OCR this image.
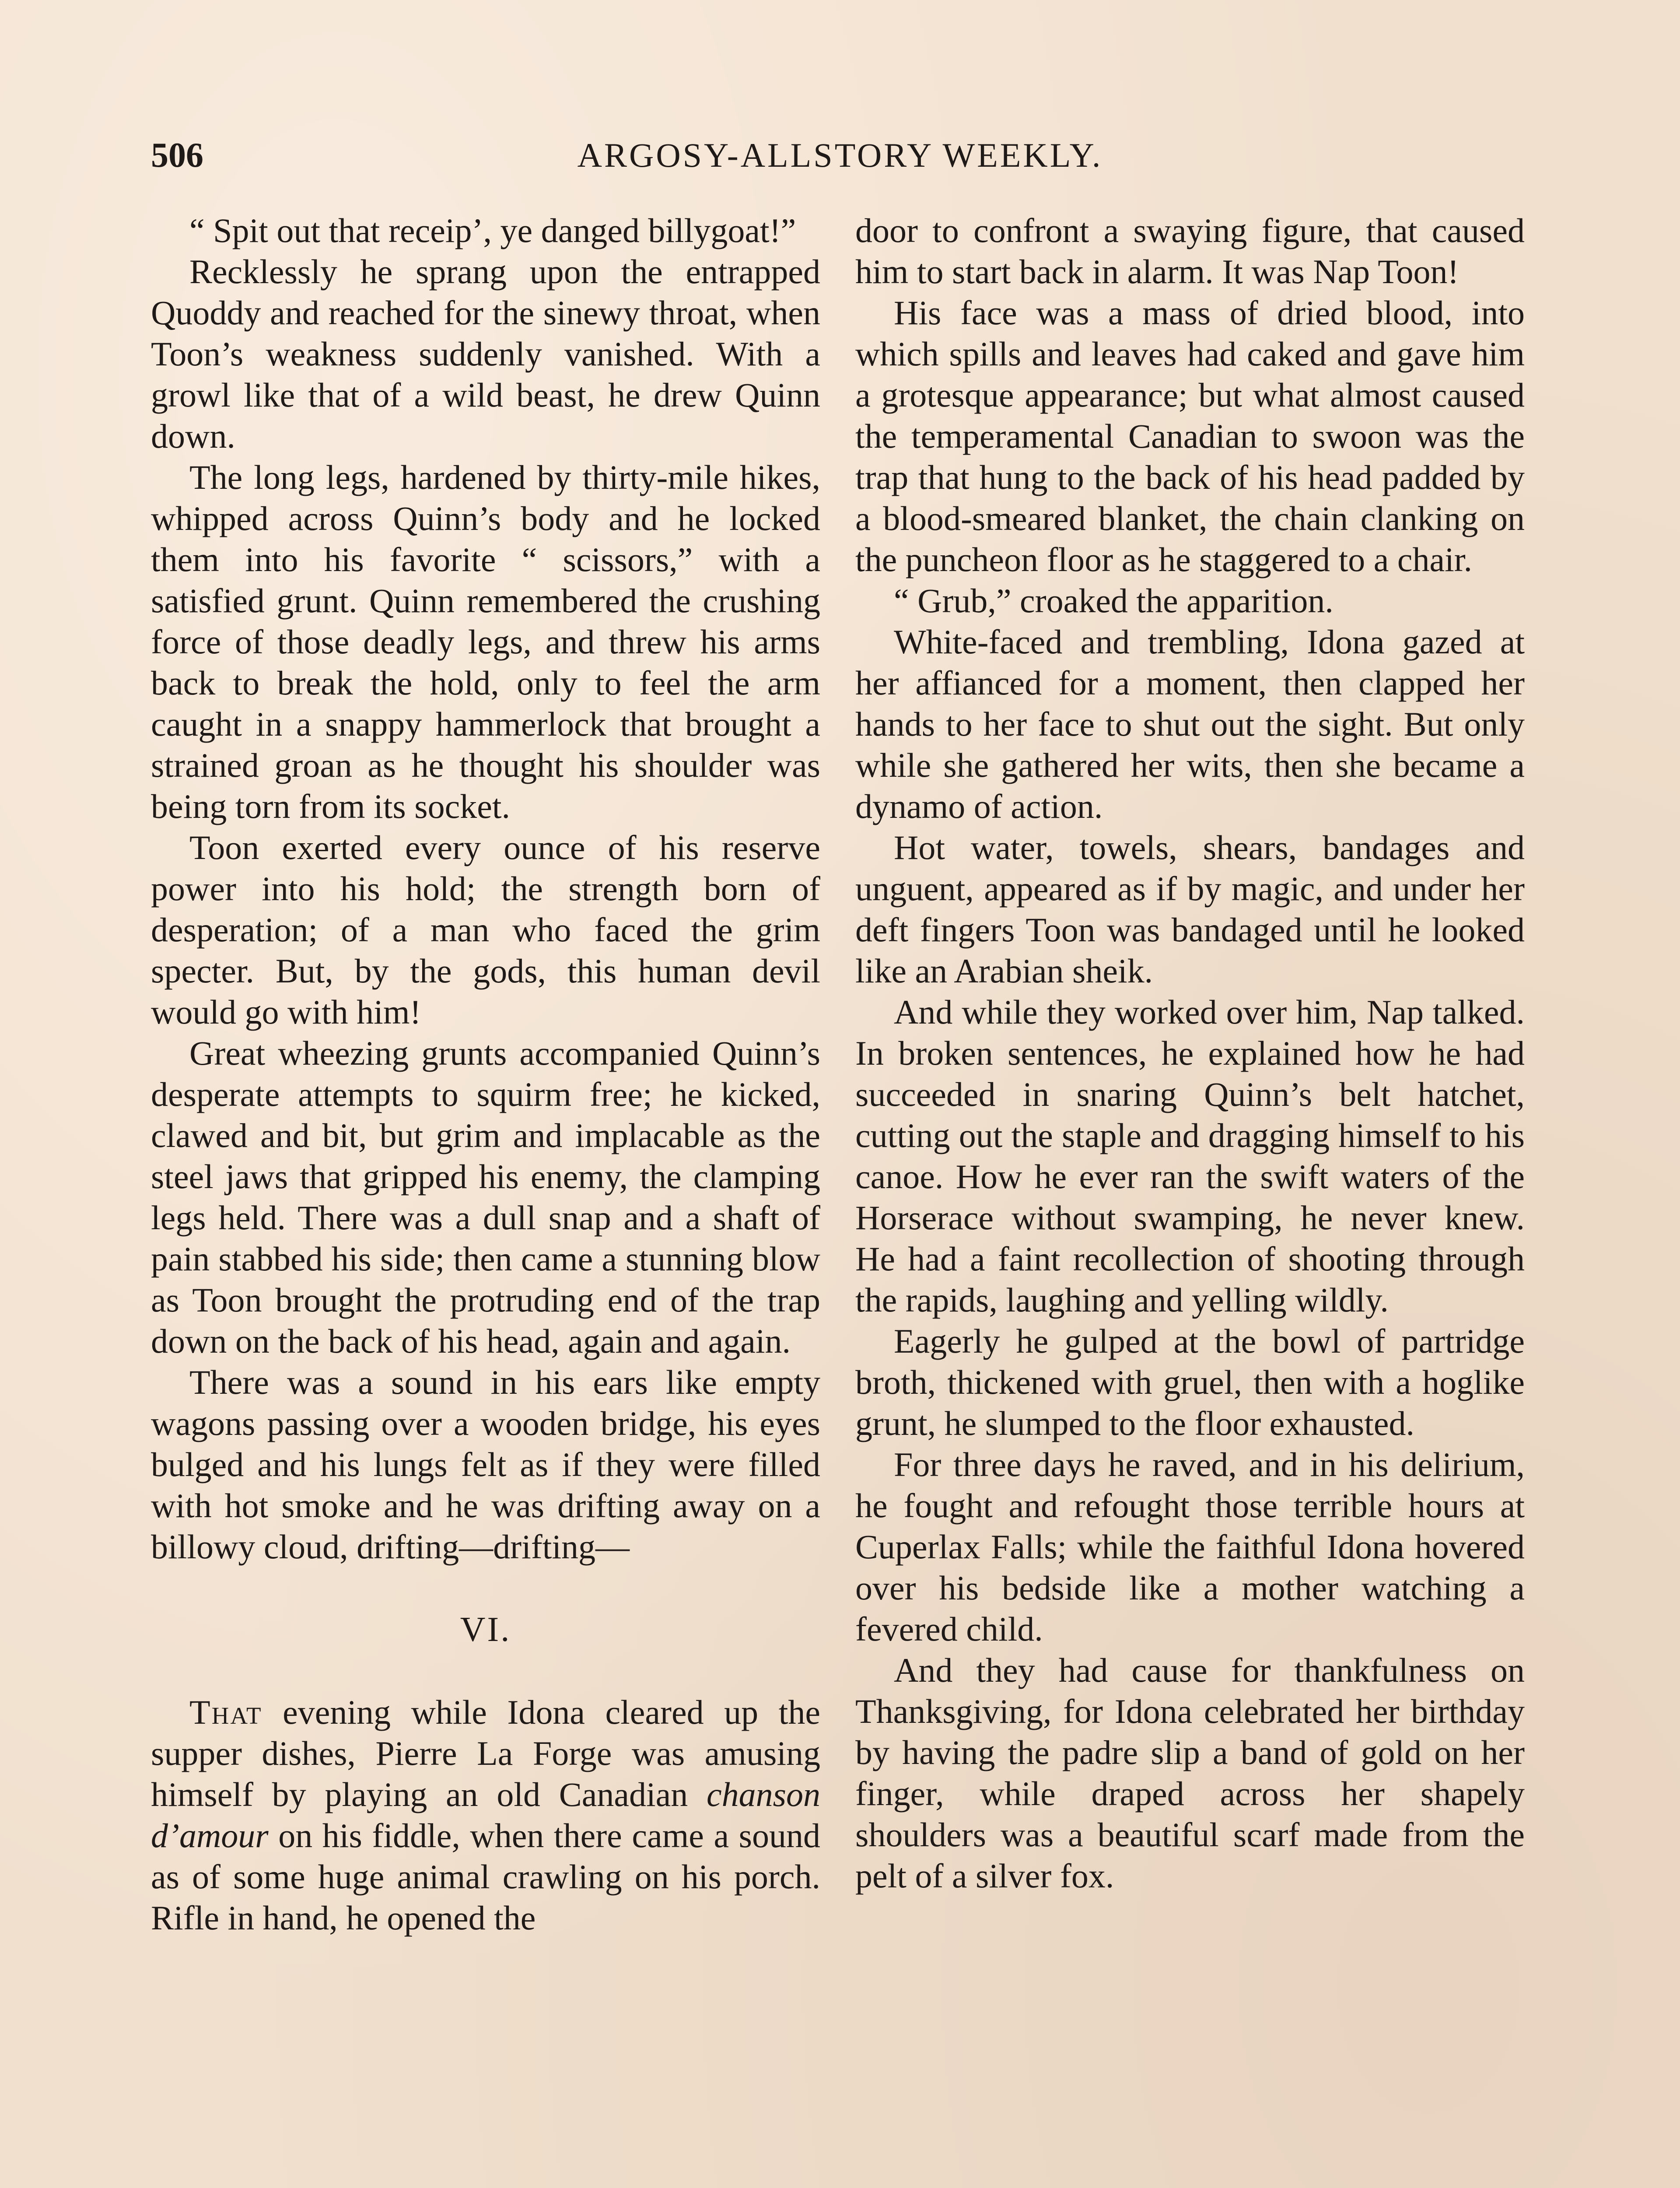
506	ARGOSY-ALLSTORY WEEKLY.

“ Spit out that receip’, ye danged billygoat!”

Recklessly he sprang upon the entrapped Quoddy and reached for the sinewy throat, when Toon’s weakness suddenly vanished. With a growl like that of a wild beast, he drew Quinn down.

The long legs, hardened by thirty-mile hikes, whipped across Quinn’s body and he locked them into his favorite “ scissors,” with a satisfied grunt. Quinn remembered the crushing force of those deadly legs, and threw his arms back to break the hold, only to feel the arm caught in a snappy hammerlock that brought a strained groan as he thought his shoulder was being torn from its socket.

Toon exerted every ounce of his reserve power into his hold; the strength born of desperation; of a man who faced the grim specter. But, by the gods, this human devil would go with him!

Great wheezing grunts accompanied Quinn’s desperate attempts to squirm free; he kicked, clawed and bit, but grim and implacable as the steel jaws that gripped his enemy, the clamping legs held. There was a dull snap and a shaft of pain stabbed his side; then came a stunning blow as Toon brought the protruding end of the trap down on the back of his head, again and again.

There was a sound in his ears like empty wagons passing over a wooden bridge, his eyes bulged and his lungs felt as if they were filled with hot smoke and he was drifting away on a billowy cloud, drifting—drifting—

VI.

That evening while Idona cleared up the supper dishes, Pierre La Forge was amusing himself by playing an old Canadian chanson d’amour on his fiddle, when there came a sound as of some huge animal crawling on his porch. Rifle in hand, he opened the

door to confront a swaying figure, that caused him to start back in alarm. It was Nap Toon!

His face was a mass of dried blood, into which spills and leaves had caked and gave him a grotesque appearance; but what almost caused the temperamental Canadian to swoon was the trap that hung to the back of his head padded by a blood-smeared blanket, the chain clanking on the puncheon floor as he staggered to a chair.

“ Grub,” croaked the apparition.

White-faced and trembling, Idona gazed at her affianced for a moment, then clapped her hands to her face to shut out the sight. But only while she gathered her wits, then she became a dynamo of action.

Hot water, towels, shears, bandages and unguent, appeared as if by magic, and under her deft fingers Toon was bandaged until he looked like an Arabian sheik.

And while they worked over him, Nap talked. In broken sentences, he explained how he had succeeded in snaring Quinn’s belt hatchet, cutting out the staple and dragging himself to his canoe. How he ever ran the swift waters of the Horserace without swamping, he never knew. He had a faint recollection of shooting through the rapids, laughing and yelling wildly.

Eagerly he gulped at the bowl of partridge broth, thickened with gruel, then with a hoglike grunt, he slumped to the floor exhausted.

For three days he raved, and in his delirium, he fought and refought those terrible hours at Cuperlax Falls; while the faithful Idona hovered over his bedside like a mother watching a fevered child.

And they had cause for thankfulness on Thanksgiving, for Idona celebrated her birthday by having the padre slip a band of gold on her finger, while draped across her shapely shoulders was a beautiful scarf made from the pelt of a silver fox.
